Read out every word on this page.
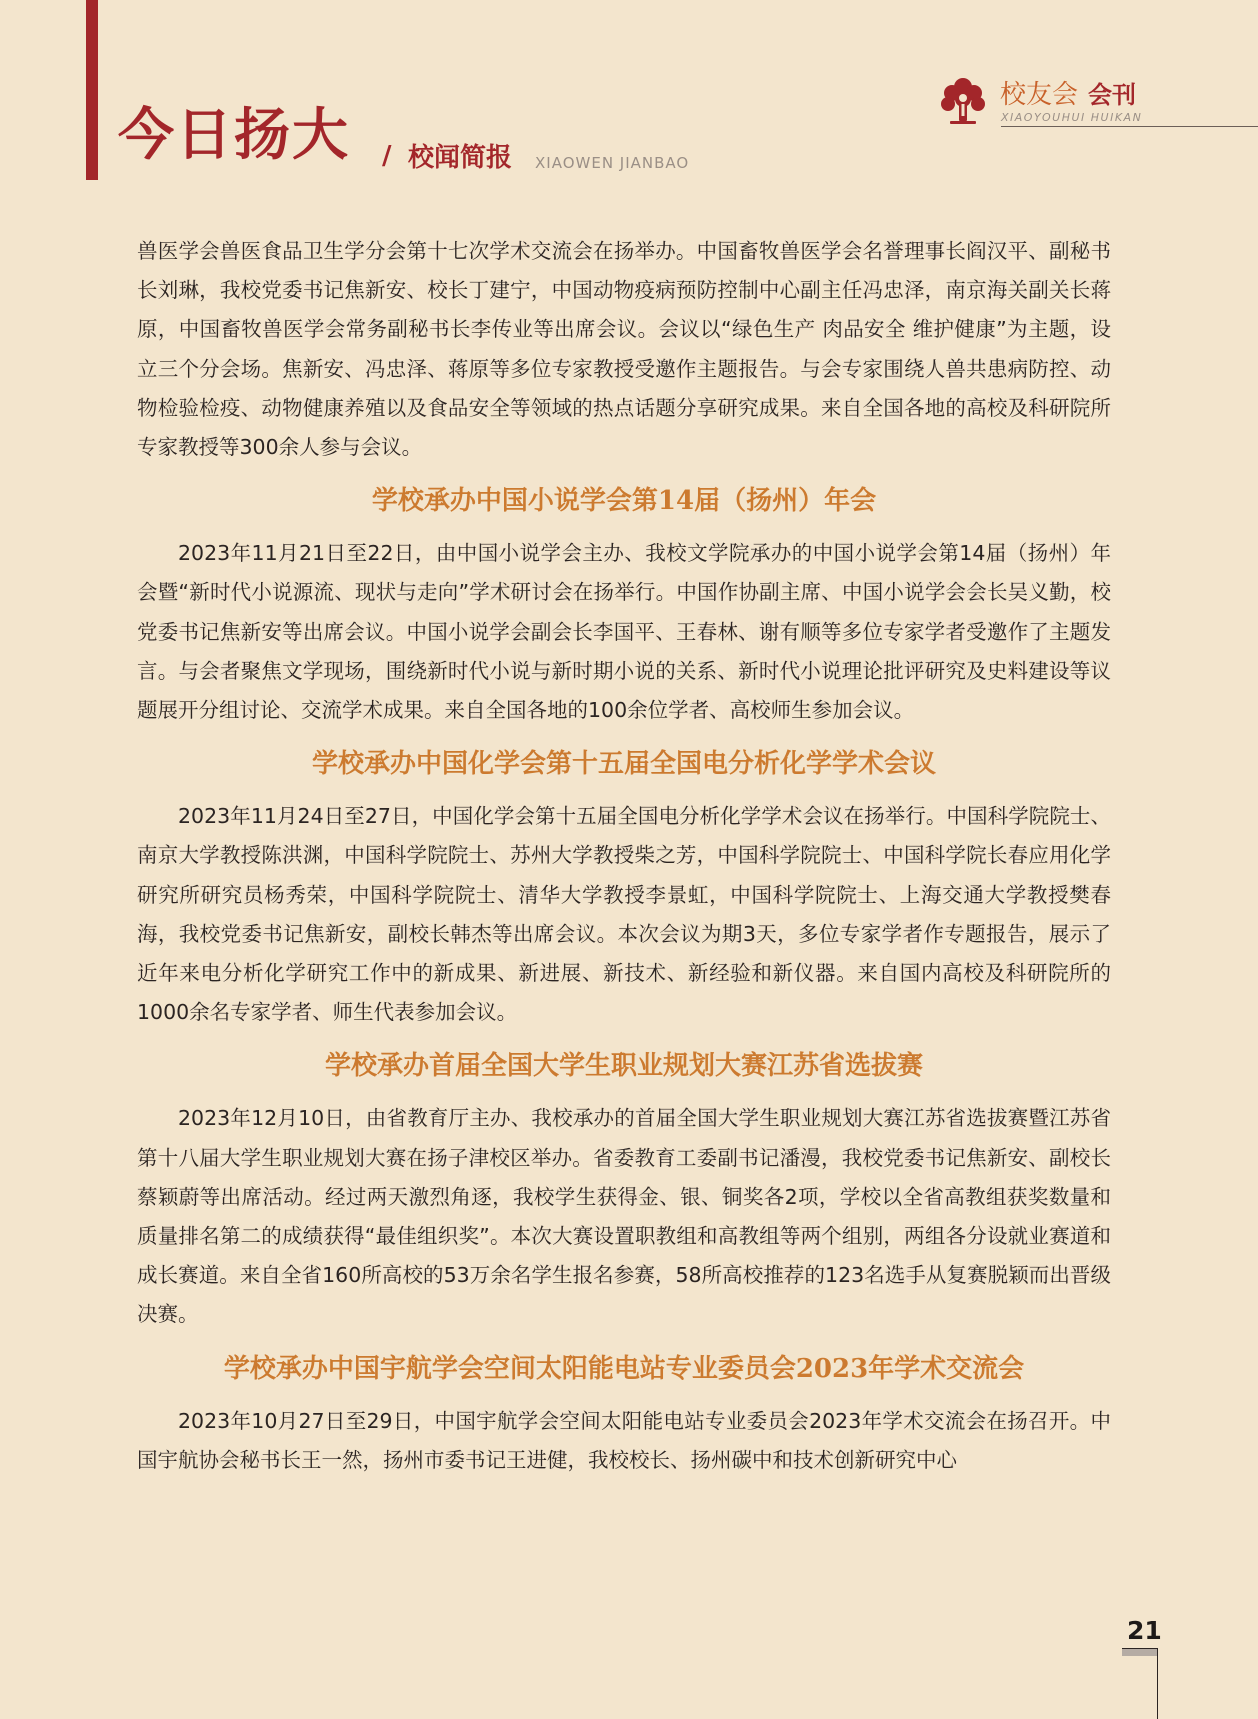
今日扬大 / 校闻简报 XIAOWEN JIANBAO
校友会 会刊
XIAOYOUHUI HUIKAN

兽医学会兽医食品卫生学分会第十七次学术交流会在扬举办。中国畜牧兽医学会名誉理事长阎汉平、副秘书长刘琳，我校党委书记焦新安、校长丁建宁，中国动物疫病预防控制中心副主任冯忠泽，南京海关副关长蒋原，中国畜牧兽医学会常务副秘书长李传业等出席会议。会议以“绿色生产 肉品安全 维护健康”为主题，设立三个分会场。焦新安、冯忠泽、蒋原等多位专家教授受邀作主题报告。与会专家围绕人兽共患病防控、动物检验检疫、动物健康养殖以及食品安全等领域的热点话题分享研究成果。来自全国各地的高校及科研院所专家教授等300余人参与会议。

学校承办中国小说学会第14届（扬州）年会

2023年11月21日至22日，由中国小说学会主办、我校文学院承办的中国小说学会第14届（扬州）年会暨“新时代小说源流、现状与走向”学术研讨会在扬举行。中国作协副主席、中国小说学会会长吴义勤，校党委书记焦新安等出席会议。中国小说学会副会长李国平、王春林、谢有顺等多位专家学者受邀作了主题发言。与会者聚焦文学现场，围绕新时代小说与新时期小说的关系、新时代小说理论批评研究及史料建设等议题展开分组讨论、交流学术成果。来自全国各地的100余位学者、高校师生参加会议。

学校承办中国化学会第十五届全国电分析化学学术会议

2023年11月24日至27日，中国化学会第十五届全国电分析化学学术会议在扬举行。中国科学院院士、南京大学教授陈洪渊，中国科学院院士、苏州大学教授柴之芳，中国科学院院士、中国科学院长春应用化学研究所研究员杨秀荣，中国科学院院士、清华大学教授李景虹，中国科学院院士、上海交通大学教授樊春海，我校党委书记焦新安，副校长韩杰等出席会议。本次会议为期3天，多位专家学者作专题报告，展示了近年来电分析化学研究工作中的新成果、新进展、新技术、新经验和新仪器。来自国内高校及科研院所的1000余名专家学者、师生代表参加会议。

学校承办首届全国大学生职业规划大赛江苏省选拔赛

2023年12月10日，由省教育厅主办、我校承办的首届全国大学生职业规划大赛江苏省选拔赛暨江苏省第十八届大学生职业规划大赛在扬子津校区举办。省委教育工委副书记潘漫，我校党委书记焦新安、副校长蔡颖蔚等出席活动。经过两天激烈角逐，我校学生获得金、银、铜奖各2项，学校以全省高教组获奖数量和质量排名第二的成绩获得“最佳组织奖”。本次大赛设置职教组和高教组等两个组别，两组各分设就业赛道和成长赛道。来自全省160所高校的53万余名学生报名参赛，58所高校推荐的123名选手从复赛脱颖而出晋级决赛。

学校承办中国宇航学会空间太阳能电站专业委员会2023年学术交流会

2023年10月27日至29日，中国宇航学会空间太阳能电站专业委员会2023年学术交流会在扬召开。中国宇航协会秘书长王一然，扬州市委书记王进健，我校校长、扬州碳中和技术创新研究中心

21
